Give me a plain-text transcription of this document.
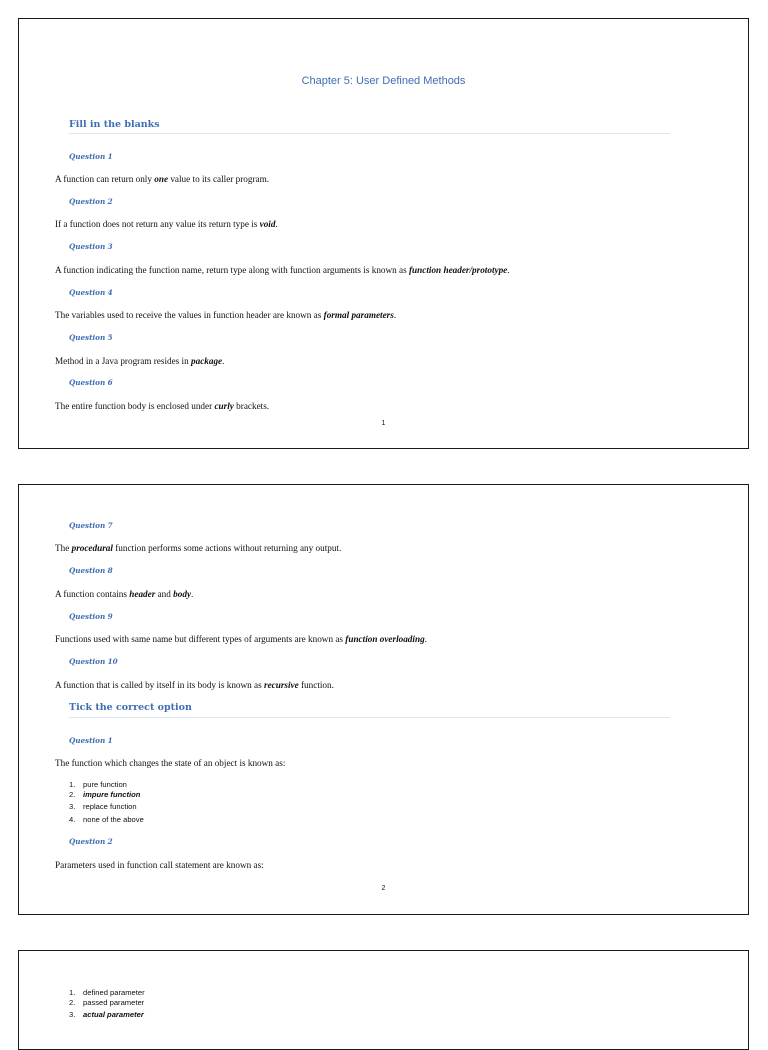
Chapter 5: User Defined Methods
Fill in the blanks
Question 1
A function can return only one value to its caller program.
Question 2
If a function does not return any value its return type is void.
Question 3
A function indicating the function name, return type along with function arguments is known as function header/prototype.
Question 4
The variables used to receive the values in function header are known as formal parameters.
Question 5
Method in a Java program resides in package.
Question 6
The entire function body is enclosed under curly brackets.
1
Question 7
The procedural function performs some actions without returning any output.
Question 8
A function contains header and body.
Question 9
Functions used with same name but different types of arguments are known as function overloading.
Question 10
A function that is called by itself in its body is known as recursive function.
Tick the correct option
Question 1
The function which changes the state of an object is known as:
1. pure function
2. impure function
3. replace function
4. none of the above
Question 2
Parameters used in function call statement are known as:
2
1. defined parameter
2. passed parameter
3. actual parameter
